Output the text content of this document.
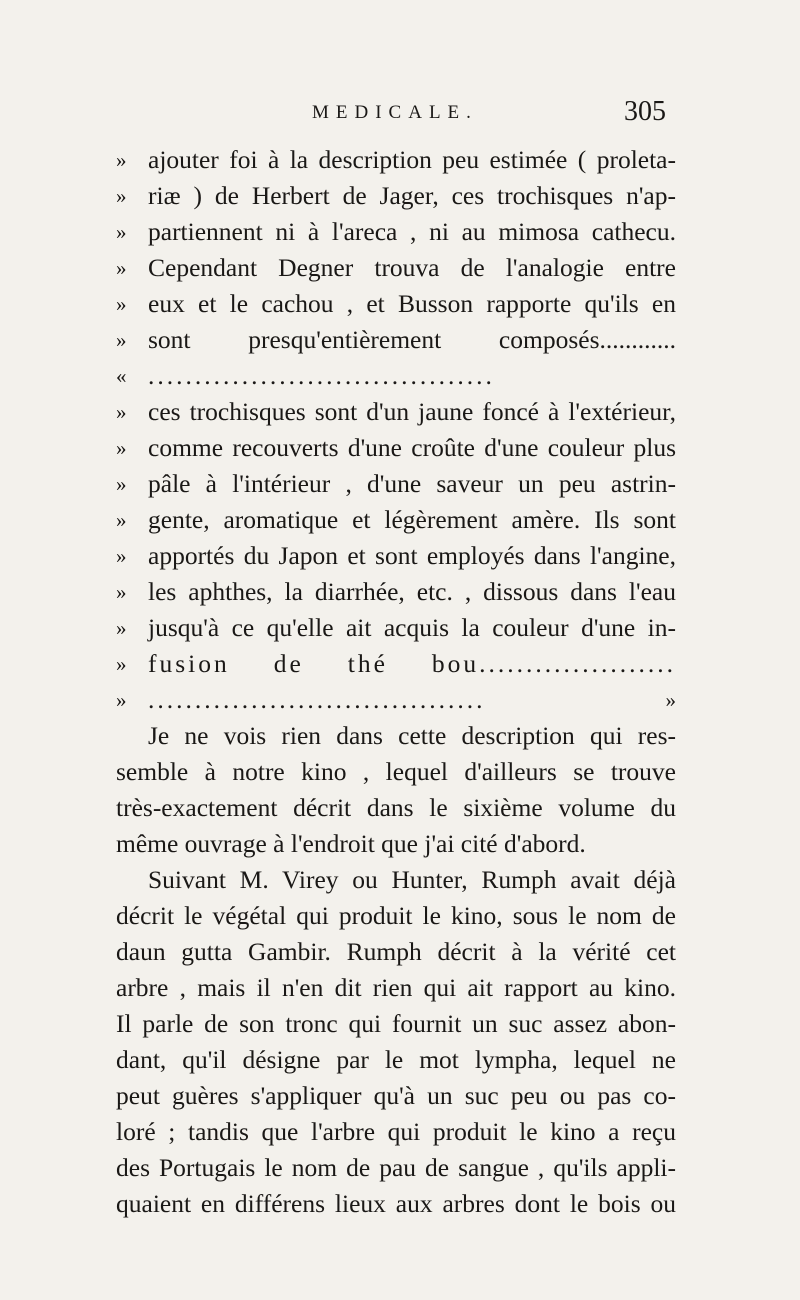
MEDICALE.	305
» ajouter foi à la description peu estimée ( proleta-
» riæ ) de Herbert de Jager, ces trochisques n'ap-
» partiennent ni à l'areca , ni au mimosa cathecu.
» Cependant Degner trouva de l'analogie entre
» eux et le cachou , et Busson rapporte qu'ils en
» sont presqu'entièrement composés............
« .....................................
» ces trochisques sont d'un jaune foncé à l'extérieur,
» comme recouverts d'une croûte d'une couleur plus
» pâle à l'intérieur , d'une saveur un peu astrin-
» gente, aromatique et légèrement amère. Ils sont
» apportés du Japon et sont employés dans l'angine,
» les aphthes, la diarrhée, etc. , dissous dans l'eau
» jusqu'à ce qu'elle ait acquis la couleur d'une in-
» fusion de thé bou.....................
» ....................................	»
Je ne vois rien dans cette description qui res-
semble à notre kino , lequel d'ailleurs se trouve
très-exactement décrit dans le sixième volume du
même ouvrage à l'endroit que j'ai cité d'abord.
Suivant M. Virey ou Hunter, Rumph avait déjà
décrit le végétal qui produit le kino, sous le nom de
daun gutta Gambir. Rumph décrit à la vérité cet
arbre , mais il n'en dit rien qui ait rapport au kino.
Il parle de son tronc qui fournit un suc assez abon-
dant, qu'il désigne par le mot lympha, lequel ne
peut guères s'appliquer qu'à un suc peu ou pas co-
loré ; tandis que l'arbre qui produit le kino a reçu
des Portugais le nom de pau de sangue , qu'ils appli-
quaient en différens lieux aux arbres dont le bois ou
